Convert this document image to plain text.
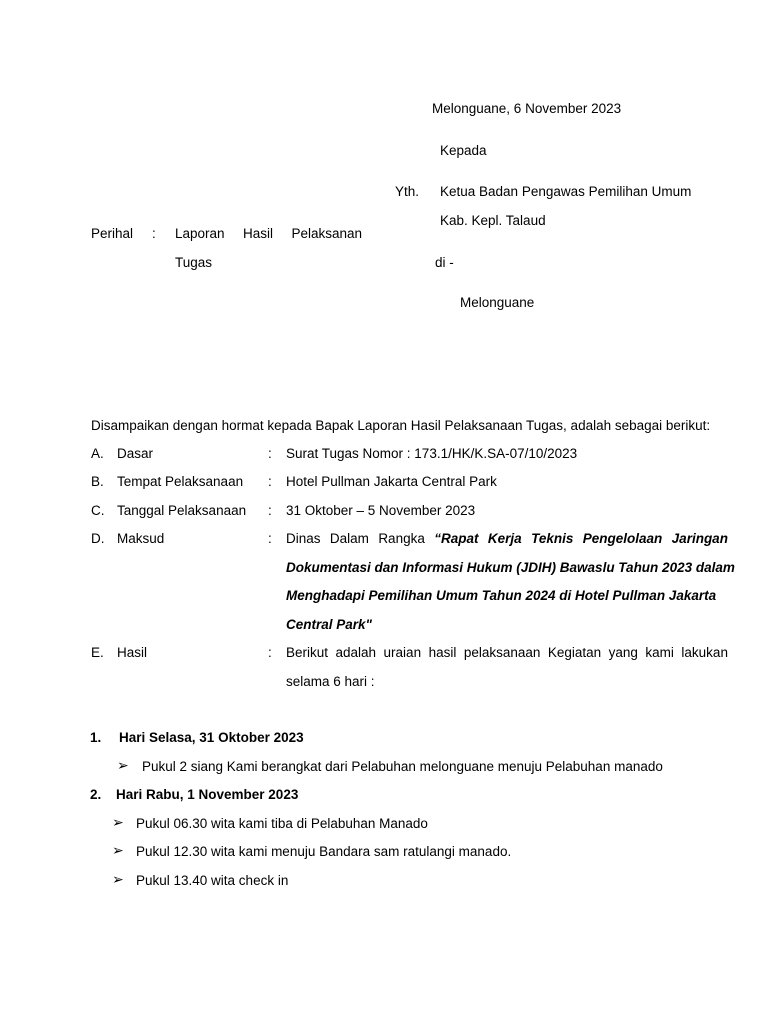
Melonguane, 6 November 2023
Kepada
Yth. Ketua Badan Pengawas Pemilihan Umum
Kab. Kepl. Talaud
di -
Melonguane
Perihal : Laporan Hasil Pelaksanan
Tugas
Disampaikan dengan hormat kepada Bapak Laporan Hasil Pelaksanaan Tugas, adalah sebagai berikut:
A. Dasar	: Surat Tugas Nomor : 173.1/HK/K.SA-07/10/2023
B. Tempat Pelaksanaan : Hotel Pullman Jakarta Central Park
C. Tanggal Pelaksanaan : 31 Oktober – 5 November 2023
D. Maksud	: Dinas Dalam Rangka “Rapat Kerja Teknis Pengelolaan Jaringan
Dokumentasi dan Informasi Hukum (JDIH) Bawaslu Tahun 2023 dalam
Menghadapi Pemilihan Umum Tahun 2024 di Hotel Pullman Jakarta
Central Park"
E. Hasil	: Berikut adalah uraian hasil pelaksanaan Kegiatan yang kami lakukan
selama 6 hari :
1. Hari Selasa, 31 Oktober 2023
➢ Pukul 2 siang Kami berangkat dari Pelabuhan melonguane menuju Pelabuhan manado
2. Hari Rabu, 1 November 2023
➢ Pukul 06.30 wita kami tiba di Pelabuhan Manado
➢ Pukul 12.30 wita kami menuju Bandara sam ratulangi manado.
➢ Pukul 13.40 wita check in
